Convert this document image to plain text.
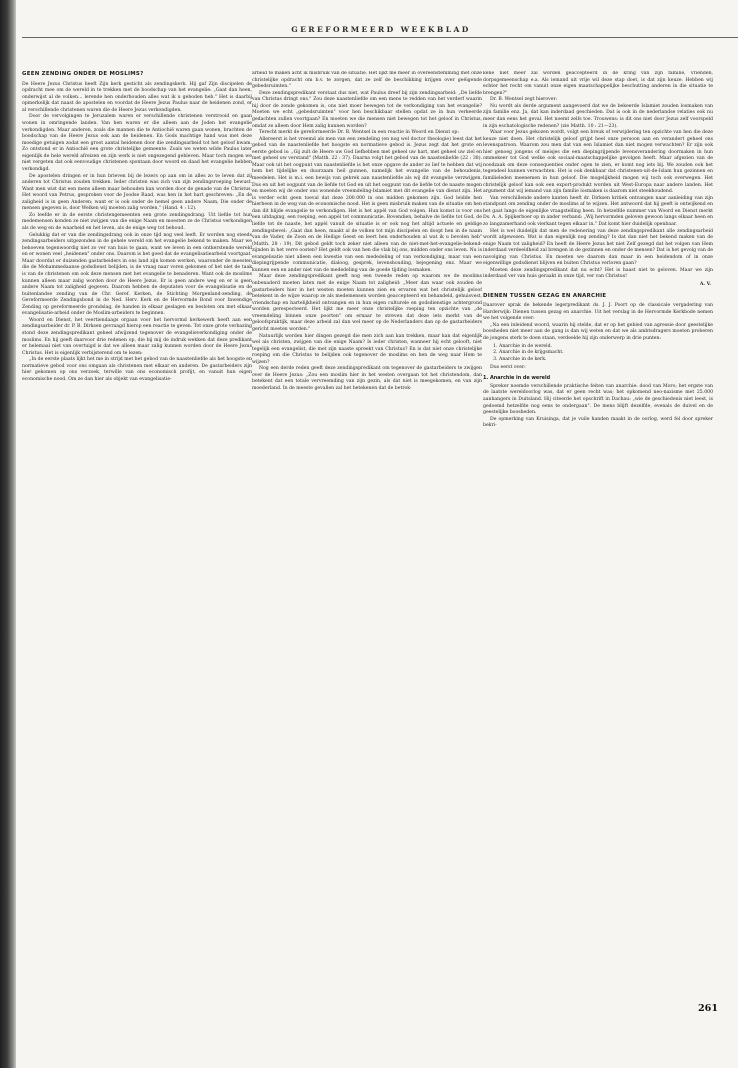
GEREFORMEERD WEEKBLAD
GEEN ZENDING ONDER DE MOSLIMS?

De Heere Jezus Christus heeft Zijn kerk gesticht als zendingskerk. Hij gaf Zijn discipelen de opdracht mee om de wereld in te trekken met de boodschap van het evangelie: „Gaat dan heen, onderwijst al de volken... lerende hen onderhouden alles wat ik u geboden heb." Het is daarbij opmerkelijk dat naast de apostelen en voordat de Heere Jezus Paulus naar de heidenen zond, er al verschillende christenen waren die de Heere Jezus verkondigden.

Door de vervolgingen te Jeruzalem waren er verschillende christenen verstrooid en gaan wonen in omringende landen. Van hen waren er die alleen aan de Joden het evangelie verkondigden. Maar anderen, zoals die mannen die te Antiochië waren gaan wonen, brachten de boodschap van de Heere Jezus ook aan de heidenen. En Gods machtige hand was met deze moedige getuigen zodat een groot aantal heidenen door die zendingsarbeid tot het geloof kwam. Zo ontstond er in Antiochië een grote christelijke gemeente. Zoals we weten wilde Paulus later eigenlijk de hele wereld afreizen en zijn werk is niet ongezegend gebleven. Maar toch mogen we niet vergeten dat ook eenvoudige christenen spontaan door woord en daad het evangelie hebben verkondigd.

De apostelen dringen er in hun brieven bij de lezers op aan om in alles zo te leven dat zij anderen tot Christus zouden trekken. Ieder christen was zich van zijn zendingsroeping bewust. Want men wist dat een mens alleen maar behouden kan worden door de genade van de Christus. Het woord van Petrus, gesproken voor de Joodse Raad, was hen in het hart geschreven: „En de zaligheid is in geen Anderen; want er is ook onder de hemel geen andere Naam, Die onder de mensen gegeven is, door Welken wij moeten zalig worden," (Hand. 4 : 12).

Zo leefde er in de eerste christengemeenten een grote zendingsdrang. Uit liefde tot hun medemensen konden ze niet zwijgen van die enige Naam en moesten ze de Christus verkondigen als de weg en de waarheid en het leven, als de enige weg tot behoud.

Gelukkig dat er van die zendingsdrang ook in onze tijd nog veel leeft. Er worden nog steeds zendingsarbeiders uitgezonden in de gehele wereld om het evangelie bekend te maken. Maar we behoeven tegenwoordig niet zo ver van huis te gaan, want we leven in een ontkerstende wereld en er wonen veel „heidenen" onder ons. Daarom is het goed dat de evangelisatiearbeid voortgaat. Maar doordat er duizenden gastarbeiders in ons land zijn komen werken, waaronder de meesten die de Mohammedaanse godsdienst belijden, is de vraag naar voren gekomen of het niet de taak is van de christenen om ook deze mensen met het evangelie te benaderen. Want ook de moslims kunnen alleen maar zalig worden door de Heere Jezus. Er is geen andere weg en er is geen andere Naam tot zaligheid gegeven. Daarom hebben de deputaten voor de evangelisatie en de buitenlandse zending van de Chr. Geref. Kerken, de Stichting Morgenland-zending, de Gereformeerde Zendingsbond in de Ned. Herv. Kerk en de Hervormde Bond voor Inwendige Zending op gereformeerde grondslag, de handen in elkaar geslagen en besloten om met elkaar evangelisatie-arbeid onder de Moslim-arbeiders te beginnen.

Woord en Dienst, het veertiendaags orgaan voor het hervormd kerkewerk heeft aan een zendingsarbeider dr. P. B. Dirksen gevraagd hierop een reactie te geven. Tot onze grote verbazing stond deze zendingspredikant geheel afwijzend tegenover de evangelieverkondiging onder de moslims. En hij geeft daarvoor drie redenen op, die bij mij de indruk wekken dat deze predikant er helemaal niet van overtuigd is dat we alleen maar zalig kunnen worden door de Heere Jezus Christus. Het is eigenlijk verbijsterend om te lezen:

„In de eerste plaats lijkt het me in strijd met het gebod van de naastenliefde als het hoogste en normatieve gebod voor ons omgaan als christenen met elkaar en anderen. De gastarbeiders zijn hier gekomen op ons verzoek, terwille van ons economisch profijt, en vanuit hun eigen economische nood. Om ze dan hier als objekt van evangelisatie-

arbeid te maken acht ik misbruik van de situatie. Het lijkt me meer in overeenstemming met onze christelijke opdracht om b.v. te zorgen, dat ze zelf de beschikking krijgen over geëigende gebedsruimten."

Deze zendingspredikant verstaat dus niet, wat Paulus dreef bij zijn zendingsarbeid: „De liefde van Christus dringt ons." Zou deze naastenliefde om een mens te redden van het verderf waarin hij door de zonde gekomen is, ons niet moer bewegen tot de verkondiging van het evangelie? Moeten we echt „gebedsruimten" voor hen beschikbaar stellen opdat ze in hun verkeerde gedachten zullen voortgaan? En moeten we die mensen niet bewegen tot het geloof in Christus, omdat ze alleen door Hem zalig kunnen worden?

Terecht merkt de gereformeerde Dr. B. Wentsel in een reactie in Woord en Dienst op:

Allereerst is het vreemd als men van een zendeling (en nog wel doctor theologie) leest dat het gebod van de naastenliefde het hoogste en normatieve gebod is. Jezus zegt dat het grote en eerste gebod is: „Gij zult de Heere uw God liefhebben met geheel uw hart, met geheel uw ziel en met geheel uw verstand" (Matth. 22 : 37). Daarna volgt het gebod van de naastenliefde (22 : 38). Maar ook uit het oogpunt van naastenliefde is het onze opgave de ander zo lief te hebben dat wij hem het tijdelijke en duurzaam heil gunnen, namelijk het evangelie van de behoudenis, meedelen. Het is m.i. een bewijs van gebrek aan naastenliefde als wij dit evangelie verzwijgen. Dus en uit het oogpunt van de liefde tot God en uit het oogpunt van de liefde tot de naaste mogen en moeten wij de onder ons wonende vreemdeling-Islamiet met dit evangelie van dienst zijn. Het is verder echt geen toeval dat deze 200.000 in ons midden gekomen zijn. God leidde hen hierheen in de weg van de economische nood. Het is geen misbruik maken van de situatie om hen dan dit blijde evangelie te verkondigen. Het is het appèl van God volgen. Hun komst is voor ons een uitdaging, een roeping, een appèl tot communicatie. Bovendien, behalve de liefde tot God, de liefde tot de naaste, het appèl vanuit de situatie is er ook nog het altijd actuele en geldige zendingsbevel: „Gaat dan heen, maakt al de volken tot mijn discipelen en doopt hen in de naam van de Vader, de Zoon en de Heilige Geest en leert hen onderhouden al wat ik u bevolen heb" (Matth. 28 : 19). Dit gebod geldt toch zeker niet alleen van de niet-met-het-evangelie-bekend-zijnden in het verre oosten? Het geldt ook van hen die vlak bij ons, midden onder ons leven. Nu is evangelisatie niet alleen een kwestie van een mededeling of van verkondiging, maar van een diepingrijpende communicatie, dialoog, gesprek, levenshouding, bejegening enz. Maar we kunnen een en ander niet van de mededeling van de goede tijding losmaken.

Maar deze zendingspredikant geeft nog een tweede reden op waarom we de moslims onbenaderd moeten laten met de enige Naam tot zaligheid: „Meer dan waar ook zouden de gastarbeiders hier in het westen moeten kunnen zien en ervaren wat het christelijk geloof betekent in de wijze waarop ze als medemensen worden geaccepteerd en behandeld, gehuisvest, vriendschap en hartelijkheid ontvangen en in hun eigen culturele en godsdienstige achtergrond worden gerespecteerd. Het lijkt me meer onze christelijke roeping ten opzichte van „de vreemdeling binnen onze poorten" om ernaar te streven dat deze iets merkt van de geloofspraktijk, maar deze arbeid zal dan wel meer op de Nederlanders dan op de gastarbeiders gericht moeten worden."

Natuurlijk worden hier dingen gezegd die men zich aan kan trekken, maar kan dat eigenlijk wel als christen, zwijgen van die enige Naam? Is ieder christen, wanneer hij echt gelooft, niet tegelijk een evangelist, die met zijn naaste spreekt van Christus? En is dat niet onze christelijke roeping om die Christus te belijden ook tegenover de moslims en hen de weg naar Hem te wijzen?

Nog een derde reden geeft deze zendingspredikant om tegenover de gastarbeiders te zwijgen over de Heere Jezus: „Zou een moslim hier in het westen overgaan tot het christendom, dan betekent dat een totale vervreemding van zijn gezin, als dat niet is meegekomen, en van zijn moederland. In de meeste gevallen zal het betekenen dat de betrok-

kene niet meer zal worden geaccepteerd in de kring van zijn familie, vrienden, dorpsgemeenschap e.a. Als iemand uit vrije wil deze stap doet, is dat zijn keuze. Hebben wij echter het recht om vanuit onze eigen maatschappelijke beschutting anderen in die situatie te brengen?"

Dr. B. Wentsel zegt hierover:

Nu wordt als derde argument aangevoerd dat we de bekeerde Islamiet zouden losmaken van zijn familie enz. Ja, dat kan inderdaad geschieden. Dat is ook in de nederlandse relaties ook nu meer dan eens het geval. Het noemt zelfs toe. Trouwens: is dit ons niet door Jezus zelf voorspeld in zijn eschatologische redenen? (zie Matth. 10 : 21—23).

Waar voor Jezus gekozen wordt, volgt een breuk of verwijdering ten opzichte van hen die deze keuze niet doen. Het christelijk geloof grijpt heel onze persoon aan en verandert geheel ons levenspatroon. Waarom zou men dat van een Islamiet dan niet mogen verwachten? Er zijn ook hier genoeg jongens of meisjes die een diepingrijpende levensverandering doormaken in hun ommekeer tot God welke ook sociaal-maatschappelijke gevolgen heeft. Maar afgezien van de noodzaak om deze consequenties onder ogen te zien, er komt nog iets bij. We zouden ook het tegendeel kunnen verwachten. Het is ook denkbaar dat christenen-uit-de-Islam hun gezinnen en familieleden meenemen in hun geloof. Die mogelijkheid mogen wij toch ook overwegen. Het christelijk geloof kan ook een export-produkt worden uit West-Europa naar andere landen. Het argument dat wij iemand van zijn familie losmaken is daarom niet steekhoudend.

Van verschillende andere kanten heeft dr. Dirksen kritiek ontvangen naar aanleiding van zijn standpunt om zending onder de moslims af te wijzen. Het antwoord dat hij geeft is ontwijkend en het gaat langs de eigenlijke vraagstelling heen. In hetzelfde nummer van Woord en Dienst merkt Ds. A. A. Spijkerboer op in ander verband: „Wij hervormden geloven gewoon langs elkaar heen en zo langzamerhand ook vierkant tegen elkaar in." Dat komt hier duidelijk openbaar.

Het is wel duidelijk dat men de redenering van deze zendingspredikant alle zendingsarbeid wordt afgewezen. Wat is dan eigenlijk nog zending? Is dat dan niet het bekend maken van de enige Naam tot zaligheid? En heeft de Heere Jezus het niet Zelf gezegd dat het volgen van Hem inderdaad verdeeldheid zal brengen in de gezinnen en onder de mensen? Dat is het gevolg van de navolging van Christus. En moeten we daarom dan maar in een heidendom of in onze eigenwillige godsdienst blijven en buiten Christus verloren gaan?

Moeten deze zendingspredikant dat nu echt? Het is haast niet te geloven. Maar we zijn inderdaad ver van huis geraakt in onze tijd, ver van Christus!

A. V.
DIENEN TUSSEN GEZAG EN ANARCHIE

Daarover sprak de bekende legerpredikant ds. J. J. Poort op de classicale vergadering van Harderwijk: Dienen tussen gezag en anarchie. Uit het verslag in de Hervormde Kerkbode nemen we het volgende over:

„Na een inleidend woord, waarin hij stelde, dat er op het gebied van agressie door geestelijke boosheden niet meer aan de gang is dan wij weten en dat we als ambtsdragers moeten proberen de jongens sterk te doen staan, verdeelde hij zijn onderwerp in drie punten:

1. Anarchie in de wereld.
2. Anarchie in de krijgsmacht.
3. Anarchie in de kerk.

Dus eerst over:

1. Anarchie in de wereld

Spreker noemde verschillende praktische feiten van anarchie: dood van Moro; het ergste van de laatste wereldoorlog was, dat er geen recht was; het opkomend neo-nazisme met 25.000 aanhangers in Duitsland. Hij citeerde het opschrift in Dachau: „wie de geschiedenis niet leest, is gedoemd hetzelfde nog eens te ondergaan". De mens blijft dezelfde, evenals de duivel en de geestelijke boosheden.

De opmerking van Kruisinga, dat je vuile handen maakt in de oorlog, werd fel door spreker bekri-

261
